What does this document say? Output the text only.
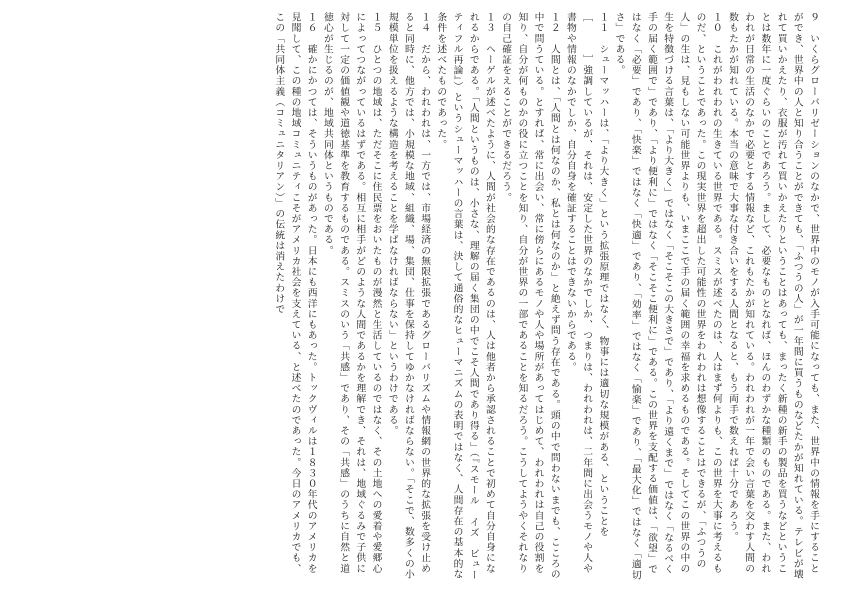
９　いくらグローバリゼーションのなかで、世界中のモノが入手可能になっても、また、世界中の情報を手にすることができ、世界中の人と知り合うことができても、「ふつうの人」が一年間に買うものなどたかが知れている。テレビが壊れて買いかえたり、衣服が汚れて買いかえたりということはあっても、まったく新種の新手の製品を買うなどということは数年に一度ぐらいのことであろう。まして、必要なものとなれば、ほんのわずかな種類のものである。また、われわれが日常の生活のなかで必要とする情報など、これもたかが知れている。われわれが一年で会い言葉を交わす人間の数もたかが知れている。本当の意味で大事な付き合いをする人間となると、もう両手で数えれば十分であろう。

１０　これがわれわれの生きている世界である。スミスが述べたのは、人はまず何よりも、この世界を大事に考えるものだ、ということであった。この現実世界を超出した可能性の世界をわれわれは想像することはできるが、「ふつうの人」の生は、見もしない可能世界よりも、いまここで手の届く範囲の幸福を求めるものである。そしてこの世界の中の生を特徴づける言葉は、「より大きく」ではなく「そこそこの大きさで」であり、「より遠くまで」ではなく「なるべく手の届く範囲で」であり、「より便利に」ではなく「そこそこ便利に」である。この世界を支配する価値は、「欲望」ではなく「必要」であり、「快楽」ではなく「快適」であり、「効率」ではなく「愉楽」であり、「最大化」ではなく「適切さ」である。

１１　シューマッハーは、「より大きく」という拡張原理ではなく、物事には適切な規模がある、ということを［　　　］強調しているが、それは、安定した世界のなかでしか、つまりは、われわれは、二年間に出会うモノや人や書物や情報のなかでしか、自分自身を確証することはできないからである。

１２　人間とは、「人間とは何なのか、私とは何なのか」と絶えず問う存在である。頭の中で問わないまでも、こころの中で問うている。とすれば、常に出会い、常に傍らにあるモノや人や場所があってはじめて、われわれは自己の役割を知り、自分が何ものかの役に立つことを知り、自分が世界の一部であることを知るだろう。こうしてようやくそれなりの自己確証をえることができるだろう。

１３　ヘーゲルが述べたように、人間が社会的な存在であるのは、人は他者から承認されることで初めて自分自身になれるからである。「人間というものは、小さな、理解の届く集団の中でこそ人間であり得る」（『スモール　イズ　ビューティフル再論』）というシューマッハーの言葉は、決して通俗的なヒューマニズムの表明ではなく、人間存在の基本的な条件を述べたものであった。

１４　だから、われわれは、一方では、市場経済の無限拡張であるグローバリズムや情報網の世界的な拡張を受け止めると同時に、他方では、小規模な地域、組織、場、集団、仕事を保持してゆかなければならない。「そこで、数多くの小規模単位を扱えるような構造を考えることを学ばなければならない」というわけである。

１５　ひとつの地域は、ただそこに住民票をおいたものが漫然と生活しているのではなく、その土地への愛着や愛郷心によってつながっているはずである。相互に相手がどのような人間であるかを理解でき、それは、地域ぐるみで子供に対して一定の価値観や道徳基準を教育するものである。スミスのいう「共感」であり、その「共感」のうちに自然と道徳心が生じるのが、地域共同体というものである。

１６　確かにかつては、そういうものがあった。日本にも西洋にもあった。トックヴィルは１８３０年代のアメリカを見聞して、この種の地域コミュニティこそがアメリカ社会を支えている、と述べたのであった。今日のアメリカでも、この「共同体主義（コミュニタリアン）」の伝統は消えたわけで
